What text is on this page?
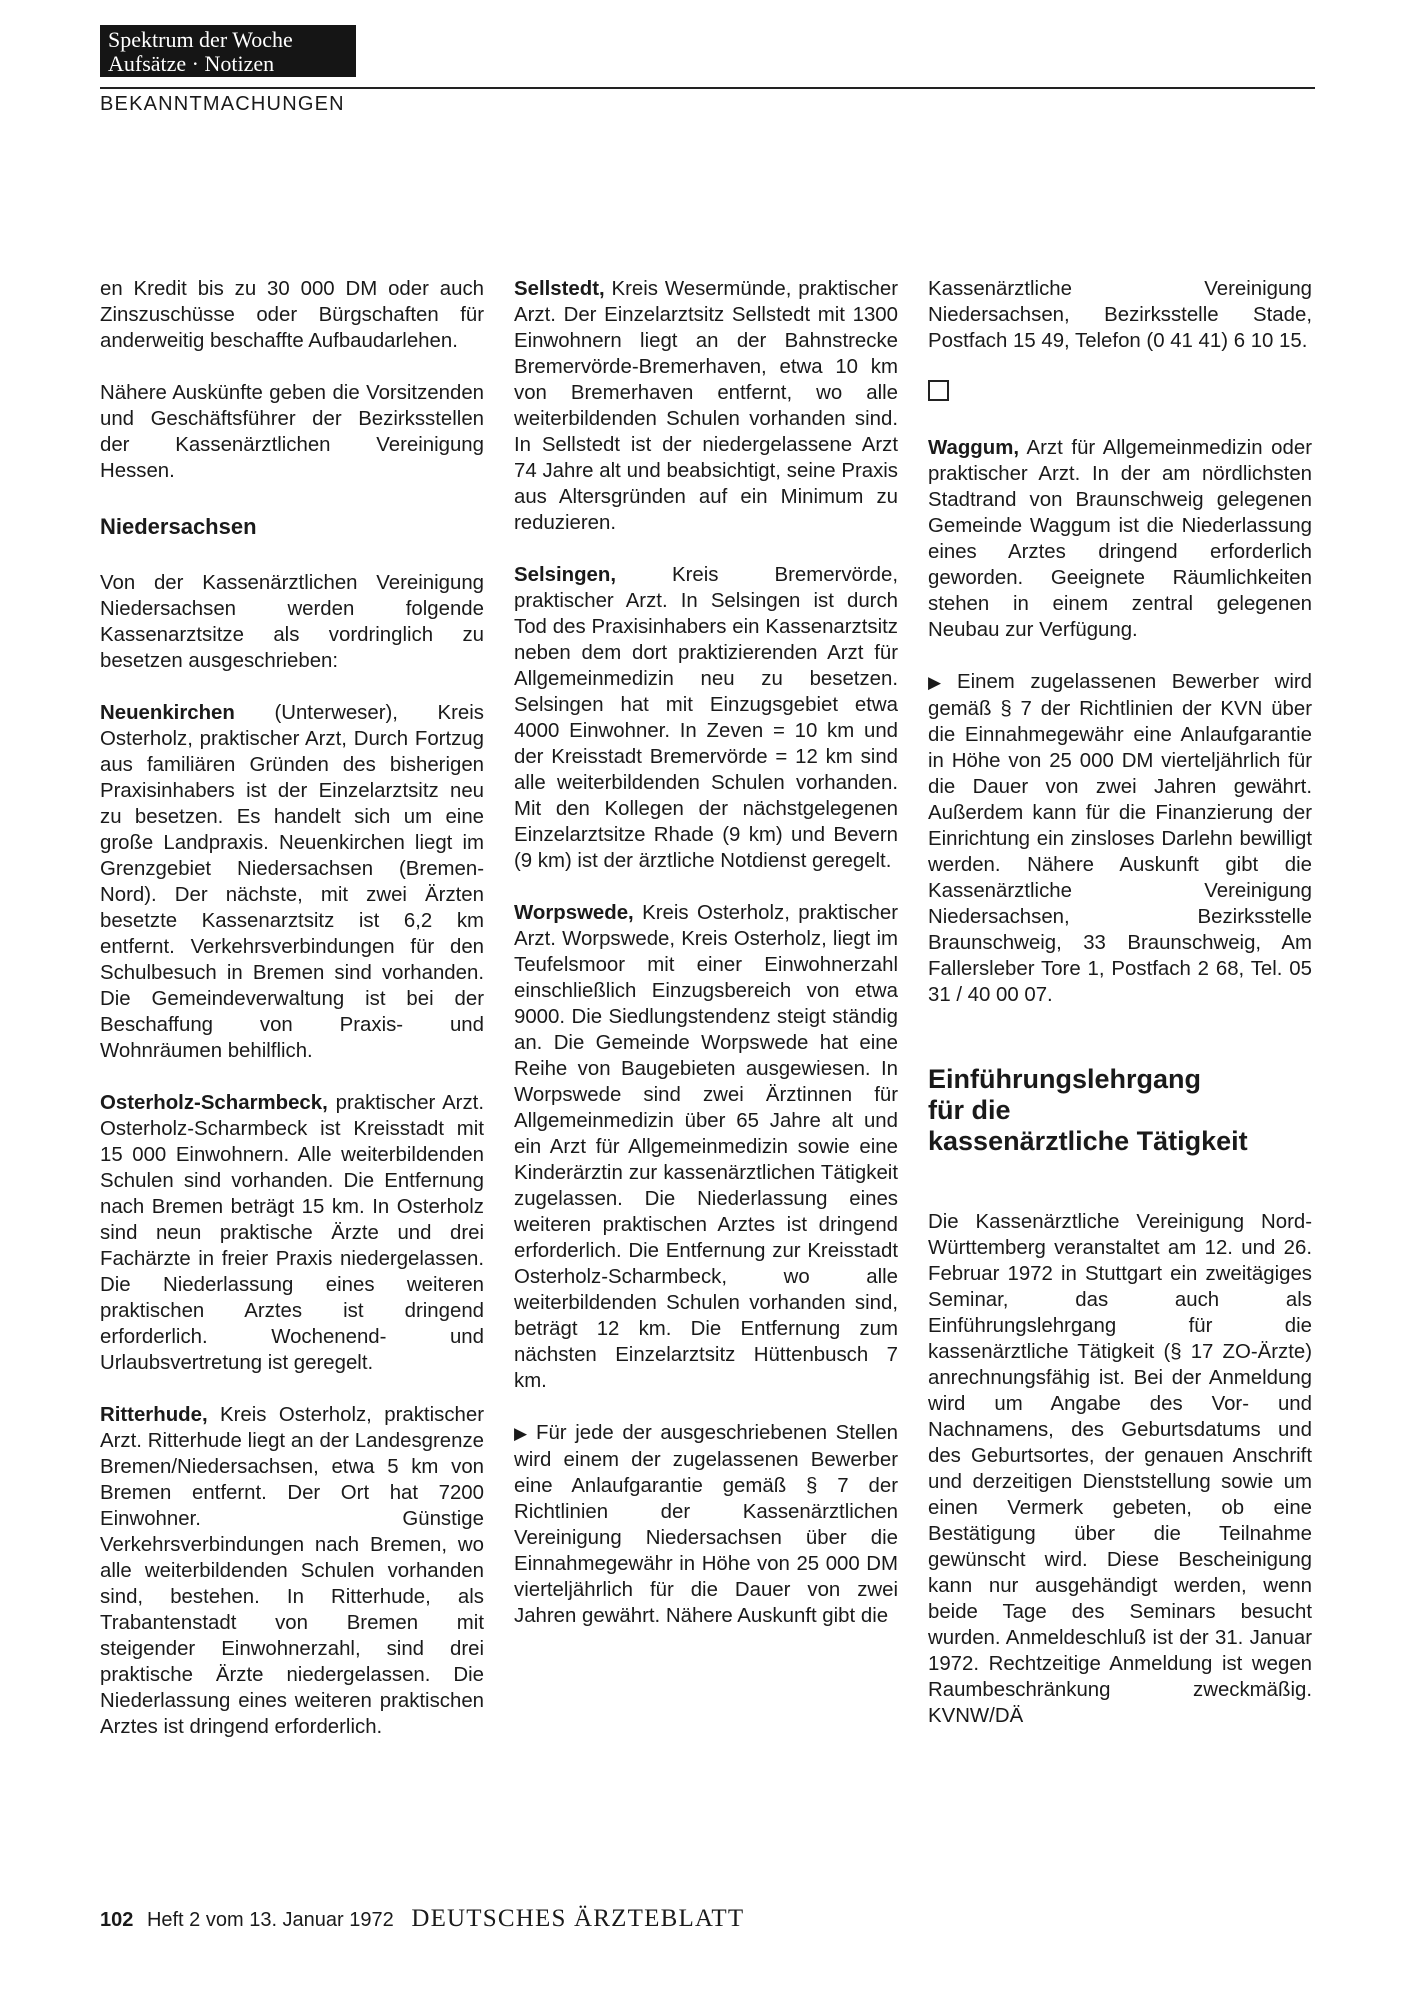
Spektrum der Woche
Aufsätze · Notizen
BEKANNTMACHUNGEN

en Kredit bis zu 30 000 DM oder auch Zinszuschüsse oder Bürgschaften für anderweitig beschaffte Aufbaudarlehen.

Nähere Auskünfte geben die Vorsitzenden und Geschäftsführer der Bezirksstellen der Kassenärztlichen Vereinigung Hessen.

Niedersachsen

Von der Kassenärztlichen Vereinigung Niedersachsen werden folgende Kassenarztsitze als vordringlich zu besetzen ausgeschrieben:

Neuenkirchen (Unterweser), Kreis Osterholz, praktischer Arzt, Durch Fortzug aus familiären Gründen des bisherigen Praxisinhabers ist der Einzelarztsitz neu zu besetzen. Es handelt sich um eine große Landpraxis. Neuenkirchen liegt im Grenzgebiet Niedersachsen (Bremen-Nord). Der nächste, mit zwei Ärzten besetzte Kassenarztsitz ist 6,2 km entfernt. Verkehrsverbindungen für den Schulbesuch in Bremen sind vorhanden. Die Gemeindeverwaltung ist bei der Beschaffung von Praxis- und Wohnräumen behilflich.

Osterholz-Scharmbeck, praktischer Arzt. Osterholz-Scharmbeck ist Kreisstadt mit 15 000 Einwohnern. Alle weiterbildenden Schulen sind vorhanden. Die Entfernung nach Bremen beträgt 15 km. In Osterholz sind neun praktische Ärzte und drei Fachärzte in freier Praxis niedergelassen. Die Niederlassung eines weiteren praktischen Arztes ist dringend erforderlich. Wochenend- und Urlaubsvertretung ist geregelt.

Ritterhude, Kreis Osterholz, praktischer Arzt. Ritterhude liegt an der Landesgrenze Bremen/Niedersachsen, etwa 5 km von Bremen entfernt. Der Ort hat 7200 Einwohner. Günstige Verkehrsverbindungen nach Bremen, wo alle weiterbildenden Schulen vorhanden sind, bestehen. In Ritterhude, als Trabantenstadt von Bremen mit steigender Einwohnerzahl, sind drei praktische Ärzte niedergelassen. Die Niederlassung eines weiteren praktischen Arztes ist dringend erforderlich.

Sellstedt, Kreis Wesermünde, praktischer Arzt. Der Einzelarztsitz Sellstedt mit 1300 Einwohnern liegt an der Bahnstrecke Bremervörde-Bremerhaven, etwa 10 km von Bremerhaven entfernt, wo alle weiterbildenden Schulen vorhanden sind. In Sellstedt ist der niedergelassene Arzt 74 Jahre alt und beabsichtigt, seine Praxis aus Altersgründen auf ein Minimum zu reduzieren.

Selsingen, Kreis Bremervörde, praktischer Arzt. In Selsingen ist durch Tod des Praxisinhabers ein Kassenarztsitz neben dem dort praktizierenden Arzt für Allgemeinmedizin neu zu besetzen. Selsingen hat mit Einzugsgebiet etwa 4000 Einwohner. In Zeven = 10 km und der Kreisstadt Bremervörde = 12 km sind alle weiterbildenden Schulen vorhanden. Mit den Kollegen der nächstgelegenen Einzelarztsitze Rhade (9 km) und Bevern (9 km) ist der ärztliche Notdienst geregelt.

Worpswede, Kreis Osterholz, praktischer Arzt. Worpswede, Kreis Osterholz, liegt im Teufelsmoor mit einer Einwohnerzahl einschließlich Einzugsbereich von etwa 9000. Die Siedlungstendenz steigt ständig an. Die Gemeinde Worpswede hat eine Reihe von Baugebieten ausgewiesen. In Worpswede sind zwei Ärztinnen für Allgemeinmedizin über 65 Jahre alt und ein Arzt für Allgemeinmedizin sowie eine Kinderärztin zur kassenärztlichen Tätigkeit zugelassen. Die Niederlassung eines weiteren praktischen Arztes ist dringend erforderlich. Die Entfernung zur Kreisstadt Osterholz-Scharmbeck, wo alle weiterbildenden Schulen vorhanden sind, beträgt 12 km. Die Entfernung zum nächsten Einzelarztsitz Hüttenbusch 7 km.

▶ Für jede der ausgeschriebenen Stellen wird einem der zugelassenen Bewerber eine Anlaufgarantie gemäß § 7 der Richtlinien der Kassenärztlichen Vereinigung Niedersachsen über die Einnahmegewähr in Höhe von 25 000 DM vierteljährlich für die Dauer von zwei Jahren gewährt. Nähere Auskunft gibt die

Kassenärztliche Vereinigung Niedersachsen, Bezirksstelle Stade, Postfach 15 49, Telefon (0 41 41) 6 10 15.

Waggum, Arzt für Allgemeinmedizin oder praktischer Arzt. In der am nördlichsten Stadtrand von Braunschweig gelegenen Gemeinde Waggum ist die Niederlassung eines Arztes dringend erforderlich geworden. Geeignete Räumlichkeiten stehen in einem zentral gelegenen Neubau zur Verfügung.

▶ Einem zugelassenen Bewerber wird gemäß § 7 der Richtlinien der KVN über die Einnahmegewähr eine Anlaufgarantie in Höhe von 25 000 DM vierteljährlich für die Dauer von zwei Jahren gewährt. Außerdem kann für die Finanzierung der Einrichtung ein zinsloses Darlehn bewilligt werden. Nähere Auskunft gibt die Kassenärztliche Vereinigung Niedersachsen, Bezirksstelle Braunschweig, 33 Braunschweig, Am Fallersleber Tore 1, Postfach 2 68, Tel. 05 31 / 40 00 07.

Einführungslehrgang
für die
kassenärztliche Tätigkeit

Die Kassenärztliche Vereinigung Nord-Württemberg veranstaltet am 12. und 26. Februar 1972 in Stuttgart ein zweitägiges Seminar, das auch als Einführungslehrgang für die kassenärztliche Tätigkeit (§ 17 ZO-Ärzte) anrechnungsfähig ist. Bei der Anmeldung wird um Angabe des Vor- und Nachnamens, des Geburtsdatums und des Geburtsortes, der genauen Anschrift und derzeitigen Dienststellung sowie um einen Vermerk gebeten, ob eine Bestätigung über die Teilnahme gewünscht wird. Diese Bescheinigung kann nur ausgehändigt werden, wenn beide Tage des Seminars besucht wurden. Anmeldeschluß ist der 31. Januar 1972. Rechtzeitige Anmeldung ist wegen Raumbeschränkung zweckmäßig. KVNW/DÄ

102 Heft 2 vom 13. Januar 1972 DEUTSCHES ÄRZTEBLATT
